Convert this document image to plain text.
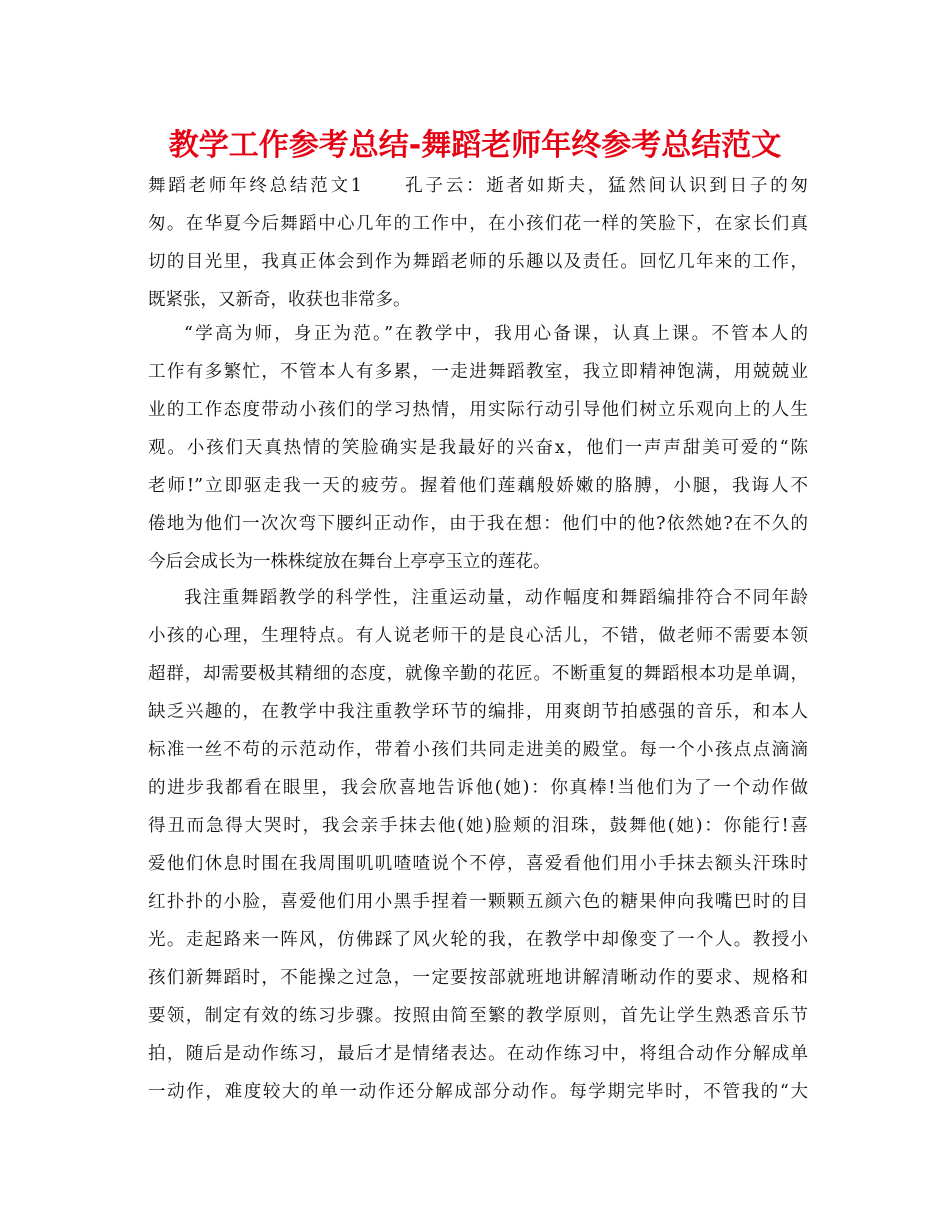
教学工作参考总结-舞蹈老师年终参考总结范文
舞蹈老师年终总结范文1　　孔子云：逝者如斯夫，猛然间认识到日子的匆
匆。在华夏今后舞蹈中心几年的工作中，在小孩们花一样的笑脸下，在家长们真
切的目光里，我真正体会到作为舞蹈老师的乐趣以及责任。回忆几年来的工作，
既紧张，又新奇，收获也非常多。
“学高为师，身正为范。”在教学中，我用心备课，认真上课。不管本人的
工作有多繁忙，不管本人有多累，一走进舞蹈教室，我立即精神饱满，用兢兢业
业的工作态度带动小孩们的学习热情，用实际行动引导他们树立乐观向上的人生
观。小孩们天真热情的笑脸确实是我最好的兴奋x，他们一声声甜美可爱的“陈
老师!”立即驱走我一天的疲劳。握着他们莲藕般娇嫩的胳膊，小腿，我诲人不
倦地为他们一次次弯下腰纠正动作，由于我在想：他们中的他?依然她?在不久的
今后会成长为一株株绽放在舞台上亭亭玉立的莲花。
我注重舞蹈教学的科学性，注重运动量，动作幅度和舞蹈编排符合不同年龄
小孩的心理，生理特点。有人说老师干的是良心活儿，不错，做老师不需要本领
超群，却需要极其精细的态度，就像辛勤的花匠。不断重复的舞蹈根本功是单调，
缺乏兴趣的，在教学中我注重教学环节的编排，用爽朗节拍感强的音乐，和本人
标准一丝不苟的示范动作，带着小孩们共同走进美的殿堂。每一个小孩点点滴滴
的进步我都看在眼里，我会欣喜地告诉他(她)：你真棒!当他们为了一个动作做
得丑而急得大哭时，我会亲手抹去他(她)脸颊的泪珠，鼓舞他(她)：你能行!喜
爱他们休息时围在我周围叽叽喳喳说个不停，喜爱看他们用小手抹去额头汗珠时
红扑扑的小脸，喜爱他们用小黑手捏着一颗颗五颜六色的糖果伸向我嘴巴时的目
光。走起路来一阵风，仿佛踩了风火轮的我，在教学中却像变了一个人。教授小
孩们新舞蹈时，不能操之过急，一定要按部就班地讲解清晰动作的要求、规格和
要领，制定有效的练习步骤。按照由简至繁的教学原则，首先让学生熟悉音乐节
拍，随后是动作练习，最后才是情绪表达。在动作练习中，将组合动作分解成单
一动作，难度较大的单一动作还分解成部分动作。每学期完毕时，不管我的“大
